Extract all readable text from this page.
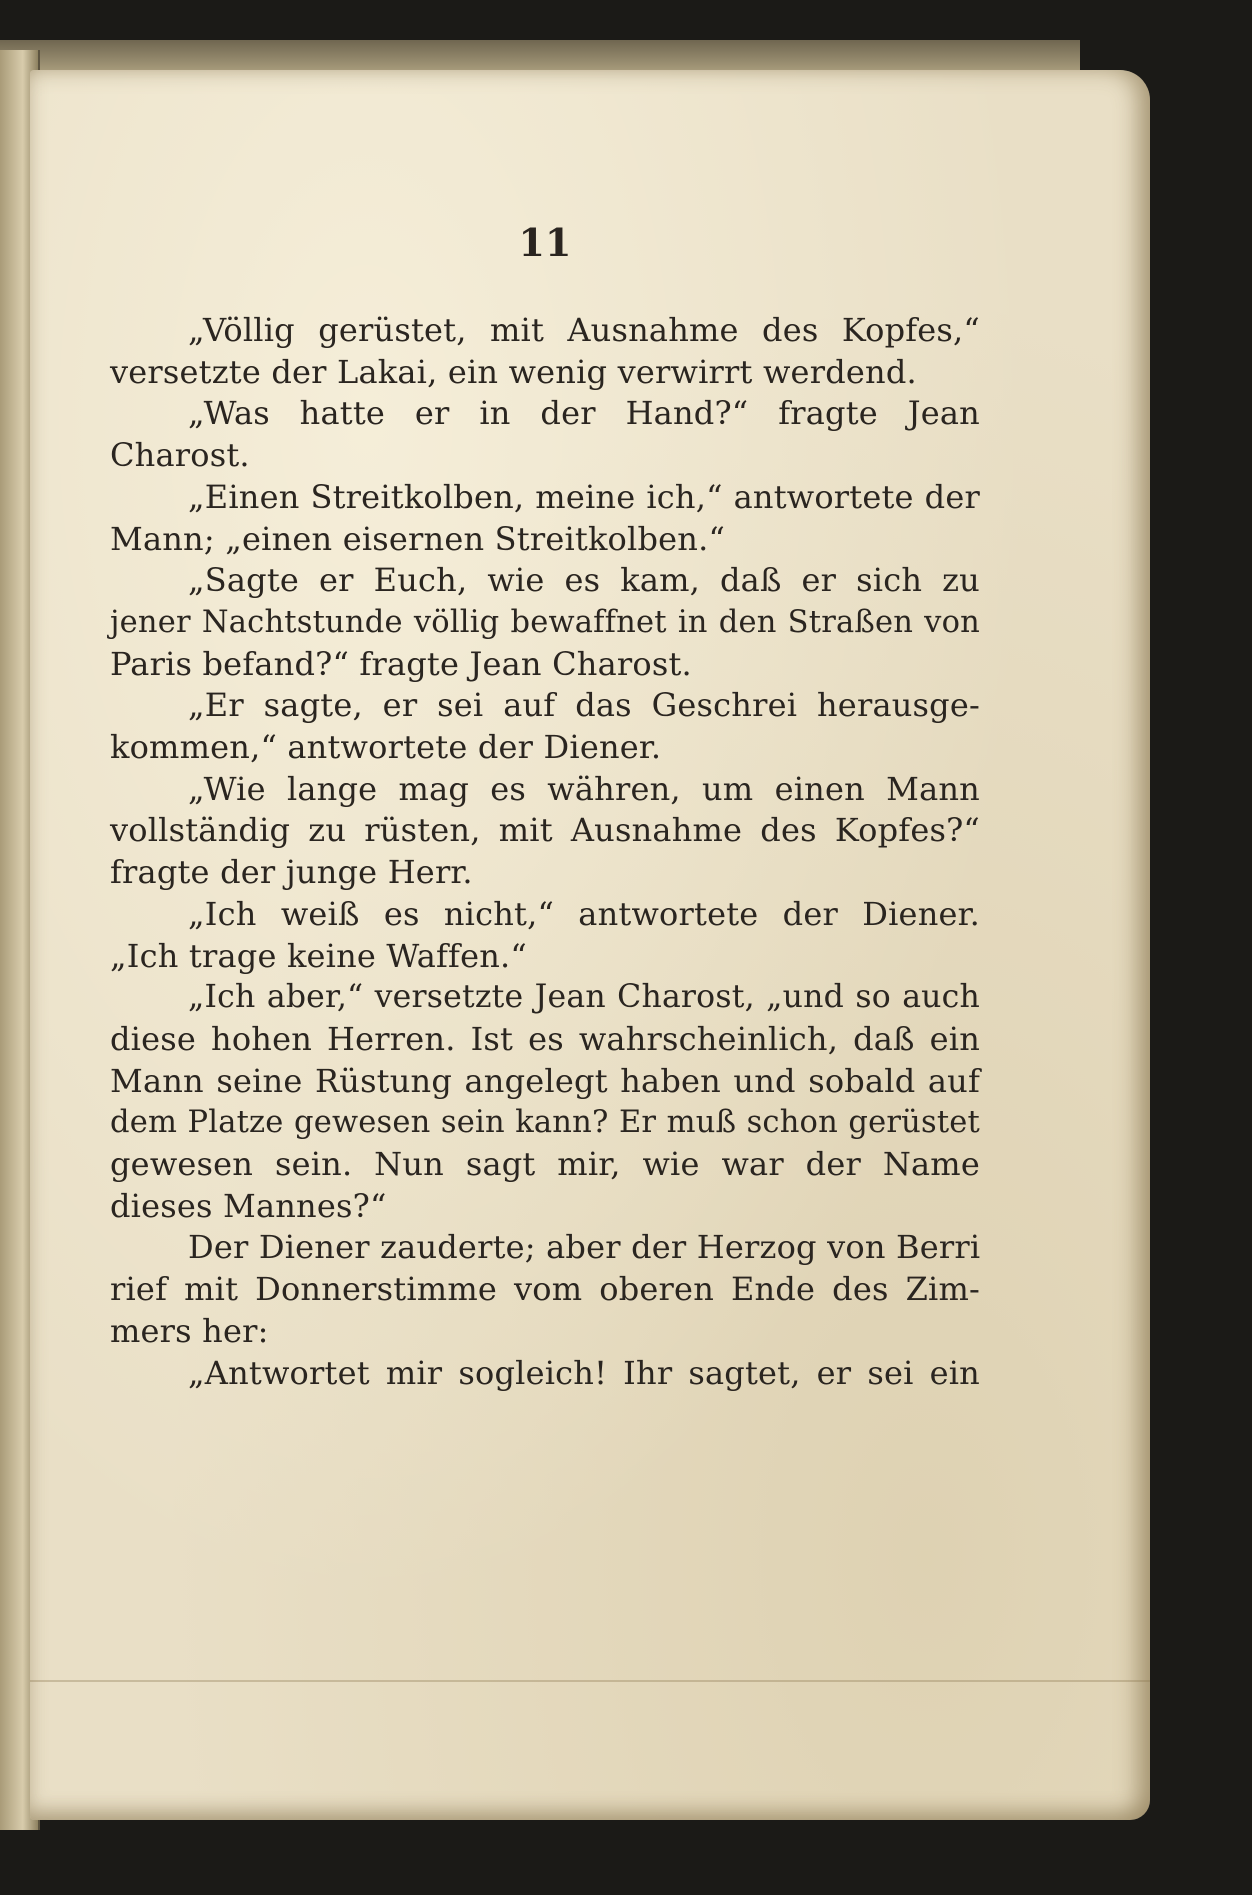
11
„Völlig gerüstet, mit Ausnahme des Kopfes,“
versetzte der Lakai, ein wenig verwirrt werdend.
„Was hatte er in der Hand?“ fragte Jean
Charost.
„Einen Streitkolben, meine ich,“ antwortete der
Mann; „einen eisernen Streitkolben.“
„Sagte er Euch, wie es kam, daß er sich zu
jener Nachtstunde völlig bewaffnet in den Straßen von
Paris befand?“ fragte Jean Charost.
„Er sagte, er sei auf das Geschrei herausge-
kommen,“ antwortete der Diener.
„Wie lange mag es währen, um einen Mann
vollständig zu rüsten, mit Ausnahme des Kopfes?“
fragte der junge Herr.
„Ich weiß es nicht,“ antwortete der Diener.
„Ich trage keine Waffen.“
„Ich aber,“ versetzte Jean Charost, „und so auch
diese hohen Herren. Ist es wahrscheinlich, daß ein
Mann seine Rüstung angelegt haben und sobald auf
dem Platze gewesen sein kann? Er muß schon gerüstet
gewesen sein. Nun sagt mir, wie war der Name
dieses Mannes?“
Der Diener zauderte; aber der Herzog von Berri
rief mit Donnerstimme vom oberen Ende des Zim-
mers her:
„Antwortet mir sogleich! Ihr sagtet, er sei ein
